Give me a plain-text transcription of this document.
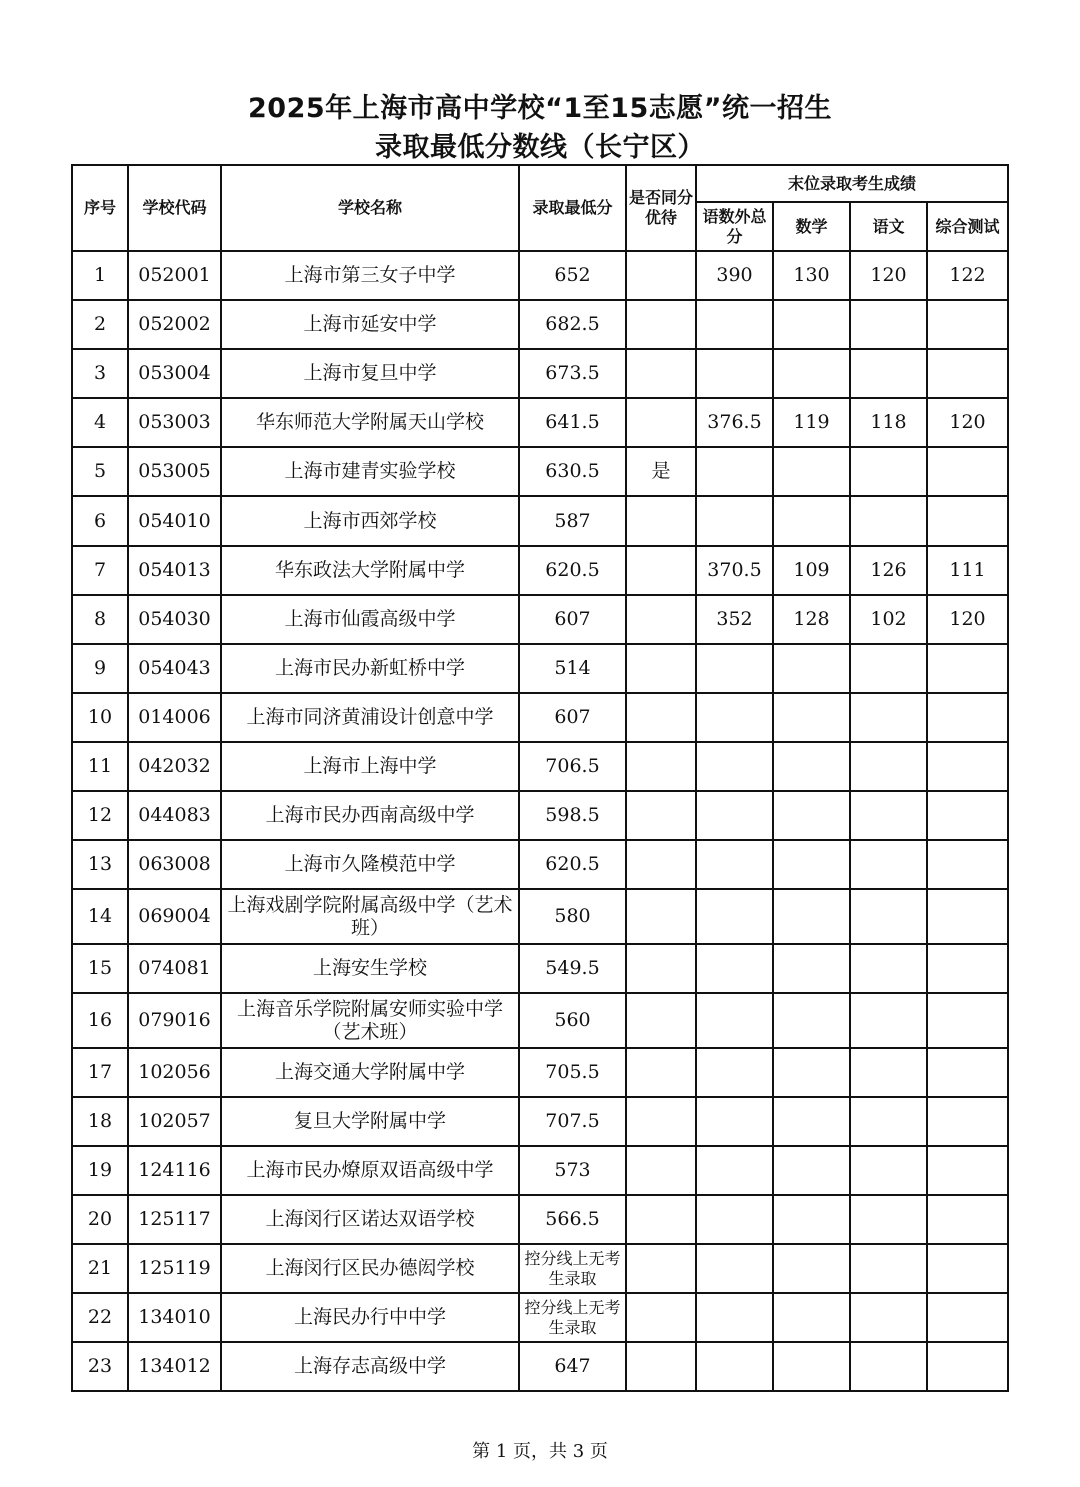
2025年上海市高中学校“1至15志愿”统一招生
录取最低分数线（长宁区）
序号	学校代码	学校名称	录取最低分	是否同分优待	末位录取考生成绩			
					语数外总分	数学	语文	综合测试
1	052001	上海市第三女子中学	652		390	130	120	122
2	052002	上海市延安中学	682.5					
3	053004	上海市复旦中学	673.5					
4	053003	华东师范大学附属天山学校	641.5		376.5	119	118	120
5	053005	上海市建青实验学校	630.5	是				
6	054010	上海市西郊学校	587					
7	054013	华东政法大学附属中学	620.5		370.5	109	126	111
8	054030	上海市仙霞高级中学	607		352	128	102	120
9	054043	上海市民办新虹桥中学	514					
10	014006	上海市同济黄浦设计创意中学	607					
11	042032	上海市上海中学	706.5					
12	044083	上海市民办西南高级中学	598.5					
13	063008	上海市久隆模范中学	620.5					
14	069004	上海戏剧学院附属高级中学（艺术班）	580					
15	074081	上海安生学校	549.5					
16	079016	上海音乐学院附属安师实验中学（艺术班）	560					
17	102056	上海交通大学附属中学	705.5					
18	102057	复旦大学附属中学	707.5					
19	124116	上海市民办燎原双语高级中学	573					
20	125117	上海闵行区诺达双语学校	566.5					
21	125119	上海闵行区民办德闳学校	控分线上无考生录取					
22	134010	上海民办行中中学	控分线上无考生录取					
23	134012	上海存志高级中学	647					
第 1 页，共 3 页
